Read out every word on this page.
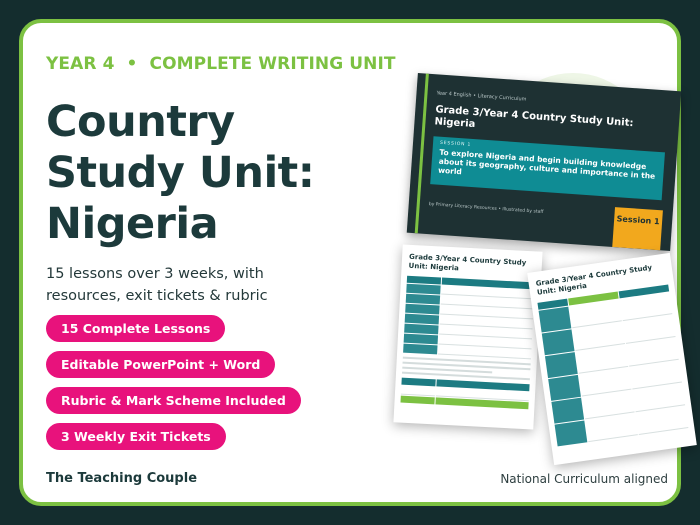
YEAR 4 • COMPLETE WRITING UNIT
Country Study Unit: Nigeria
15 lessons over 3 weeks, with resources, exit tickets & rubric
15 Complete Lessons
Editable PowerPoint + Word
Rubric & Mark Scheme Included
3 Weekly Exit Tickets
The Teaching Couple	National Curriculum aligned
Year 4 English • Literacy Curriculum
Grade 3/Year 4 Country Study Unit: Nigeria
SESSION 1
To explore Nigeria and begin building knowledge about its geography, culture and importance in the world
by Primary Literacy Resources • Illustrated by staff
Session 1
Grade 3/Year 4 Country Study Unit: Nigeria	Grade 3/Year 4 Country Study Unit: Nigeria
